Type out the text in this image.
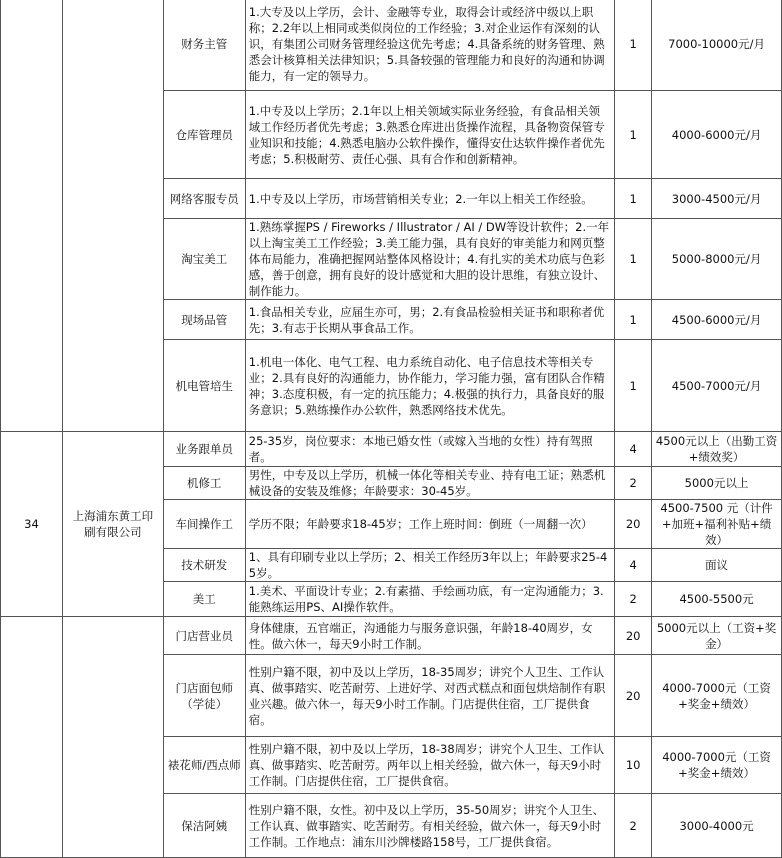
		财务主管	1.大专及以上学历，会计、金融等专业，取得会计或经济中级以上职称；2.2年以上相同或类似岗位的工作经验；3.对企业运作有深刻的认识，有集团公司财务管理经验这优先考虑；4.具备系统的财务管理、熟悉会计核算相关法律知识；5.具备较强的管理能力和良好的沟通和协调能力，有一定的领导力。	1	7000-10000元/月
		仓库管理员	1.中专及以上学历；2.1年以上相关领域实际业务经验，有食品相关领域工作经历者优先考虑；3.熟悉仓库进出货操作流程，具备物资保管专业知识和技能；4.熟悉电脑办公软件操作，懂得安仕达软件操作者优先考虑；5.积极耐劳、责任心强、具有合作和创新精神。	1	4000-6000元/月
		网络客服专员	1.中专及以上学历，市场营销相关专业；2.一年以上相关工作经验。	1	3000-4500元/月
		淘宝美工	1.熟练掌握PS / Fireworks / Illustrator / AI / DW等设计软件；2.一年以上淘宝美工工作经验；3.美工能力强，具有良好的审美能力和网页整体布局能力，准确把握网站整体风格设计；4.有扎实的美术功底与色彩感，善于创意，拥有良好的设计感觉和大胆的设计思维，有独立设计、制作能力。	1	5000-8000元/月
		现场品管	1.食品相关专业，应届生亦可，男；2.有食品检验相关证书和职称者优先；3.有志于长期从事食品工作。	1	4500-6000元/月
		机电管培生	1.机电一体化、电气工程、电力系统自动化、电子信息技术等相关专业；2.具有良好的沟通能力，协作能力，学习能力强，富有团队合作精神；3.态度积极，有一定的抗压能力；4.极强的执行力，具备良好的服务意识；5.熟练操作办公软件，熟悉网络技术优先。	1	4500-7000元/月
34	上海浦东黄工印刷有限公司	业务跟单员	25-35岁，岗位要求：本地已婚女性（或嫁入当地的女性）持有驾照者。	4	4500元以上（出勤工资+绩效奖）
		机修工	男性，中专及以上学历，机械一体化等相关专业、持有电工证；熟悉机械设备的安装及维修；年龄要求：30-45岁。	2	5000元以上
		车间操作工	学历不限；年龄要求18-45岁；工作上班时间：倒班（一周翻一次）	20	4500-7500 元（计件+加班+福利补贴+绩效）
		技术研发	1、具有印刷专业以上学历；2、相关工作经历3年以上；年龄要求25-45岁。	4	面议
		美工	1.美术、平面设计专业；2.有素描、手绘画功底，有一定沟通能力；3.能熟练运用PS、AI操作软件。	2	4500-5500元
		门店营业员	身体健康，五官端正，沟通能力与服务意识强，年龄18-40周岁，女性。做六休一，每天9小时工作制。	20	5000元以上（工资+奖金）
		门店面包师（学徒）	性别户籍不限，初中及以上学历，18-35周岁；讲究个人卫生、工作认真、做事踏实、吃苦耐劳、上进好学、对西式糕点和面包烘焙制作有职业兴趣。做六休一，每天9小时工作制。门店提供住宿，工厂提供食宿。	20	4000-7000元（工资+奖金+绩效）
		裱花师/西点师	性别户籍不限，初中及以上学历，18-38周岁；讲究个人卫生、工作认真、做事踏实、吃苦耐劳。两年以上相关经验，做六休一，每天9小时工作制。门店提供住宿，工厂提供食宿。	10	4000-7000元（工资+奖金+绩效）
		保洁阿姨	性别户籍不限，女性。初中及以上学历，35-50周岁；讲究个人卫生、工作认真、做事踏实、吃苦耐劳。有相关经验，做六休一，每天9小时工作制。工作地点：浦东川沙牌楼路158号，工厂提供食宿。	2	3000-4000元
